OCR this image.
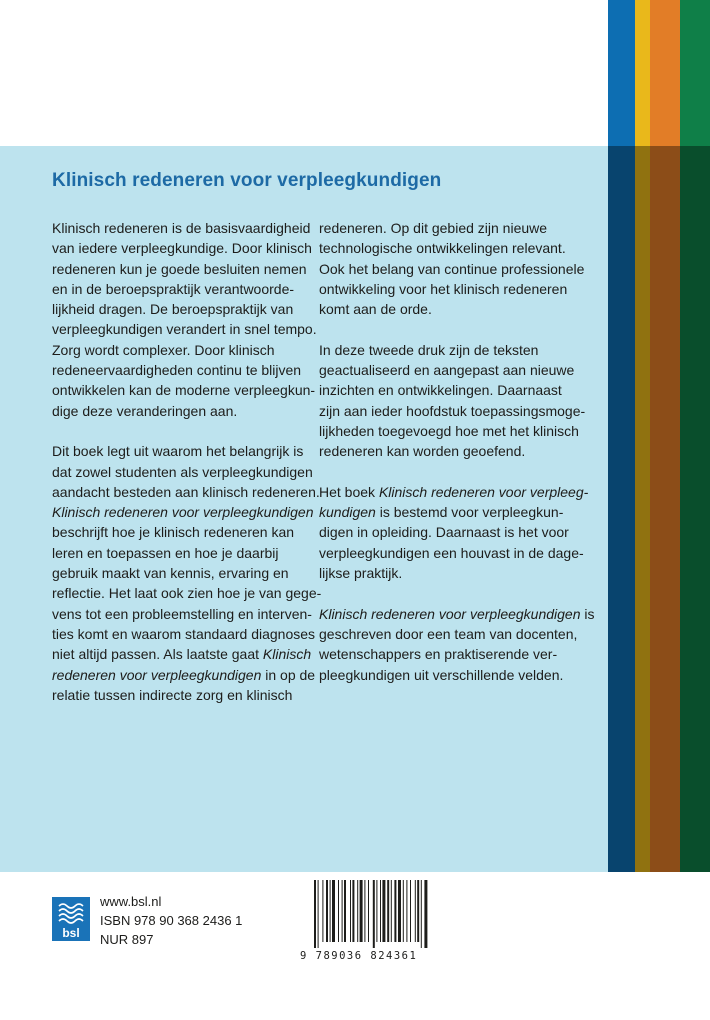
Klinisch redeneren voor verpleegkundigen

Klinisch redeneren is de basisvaardigheid
van iedere verpleegkundige. Door klinisch
redeneren kun je goede besluiten nemen
en in de beroepspraktijk verantwoorde-
lijkheid dragen. De beroepspraktijk van
verpleegkundigen verandert in snel tempo.
Zorg wordt complexer. Door klinisch
redeneervaardigheden continu te blijven
ontwikkelen kan de moderne verpleegkun-
dige deze veranderingen aan.

Dit boek legt uit waarom het belangrijk is
dat zowel studenten als verpleegkundigen
aandacht besteden aan klinisch redeneren.
Klinisch redeneren voor verpleegkundigen
beschrijft hoe je klinisch redeneren kan
leren en toepassen en hoe je daarbij
gebruik maakt van kennis, ervaring en
reflectie. Het laat ook zien hoe je van gege-
vens tot een probleemstelling en interven-
ties komt en waarom standaard diagnoses
niet altijd passen. Als laatste gaat Klinisch
redeneren voor verpleegkundigen in op de
relatie tussen indirecte zorg en klinisch

redeneren. Op dit gebied zijn nieuwe
technologische ontwikkelingen relevant.
Ook het belang van continue professionele
ontwikkeling voor het klinisch redeneren
komt aan de orde.

In deze tweede druk zijn de teksten
geactualiseerd en aangepast aan nieuwe
inzichten en ontwikkelingen. Daarnaast
zijn aan ieder hoofdstuk toepassingsmoge-
lijkheden toegevoegd hoe met het klinisch
redeneren kan worden geoefend.

Het boek Klinisch redeneren voor verpleeg-
kundigen is bestemd voor verpleegkun-
digen in opleiding. Daarnaast is het voor
verpleegkundigen een houvast in de dage-
lijkse praktijk.

Klinisch redeneren voor verpleegkundigen is
geschreven door een team van docenten,
wetenschappers en praktiserende ver-
pleegkundigen uit verschillende velden.

bsl
www.bsl.nl
ISBN 978 90 368 2436 1
NUR 897
9 789036 824361
